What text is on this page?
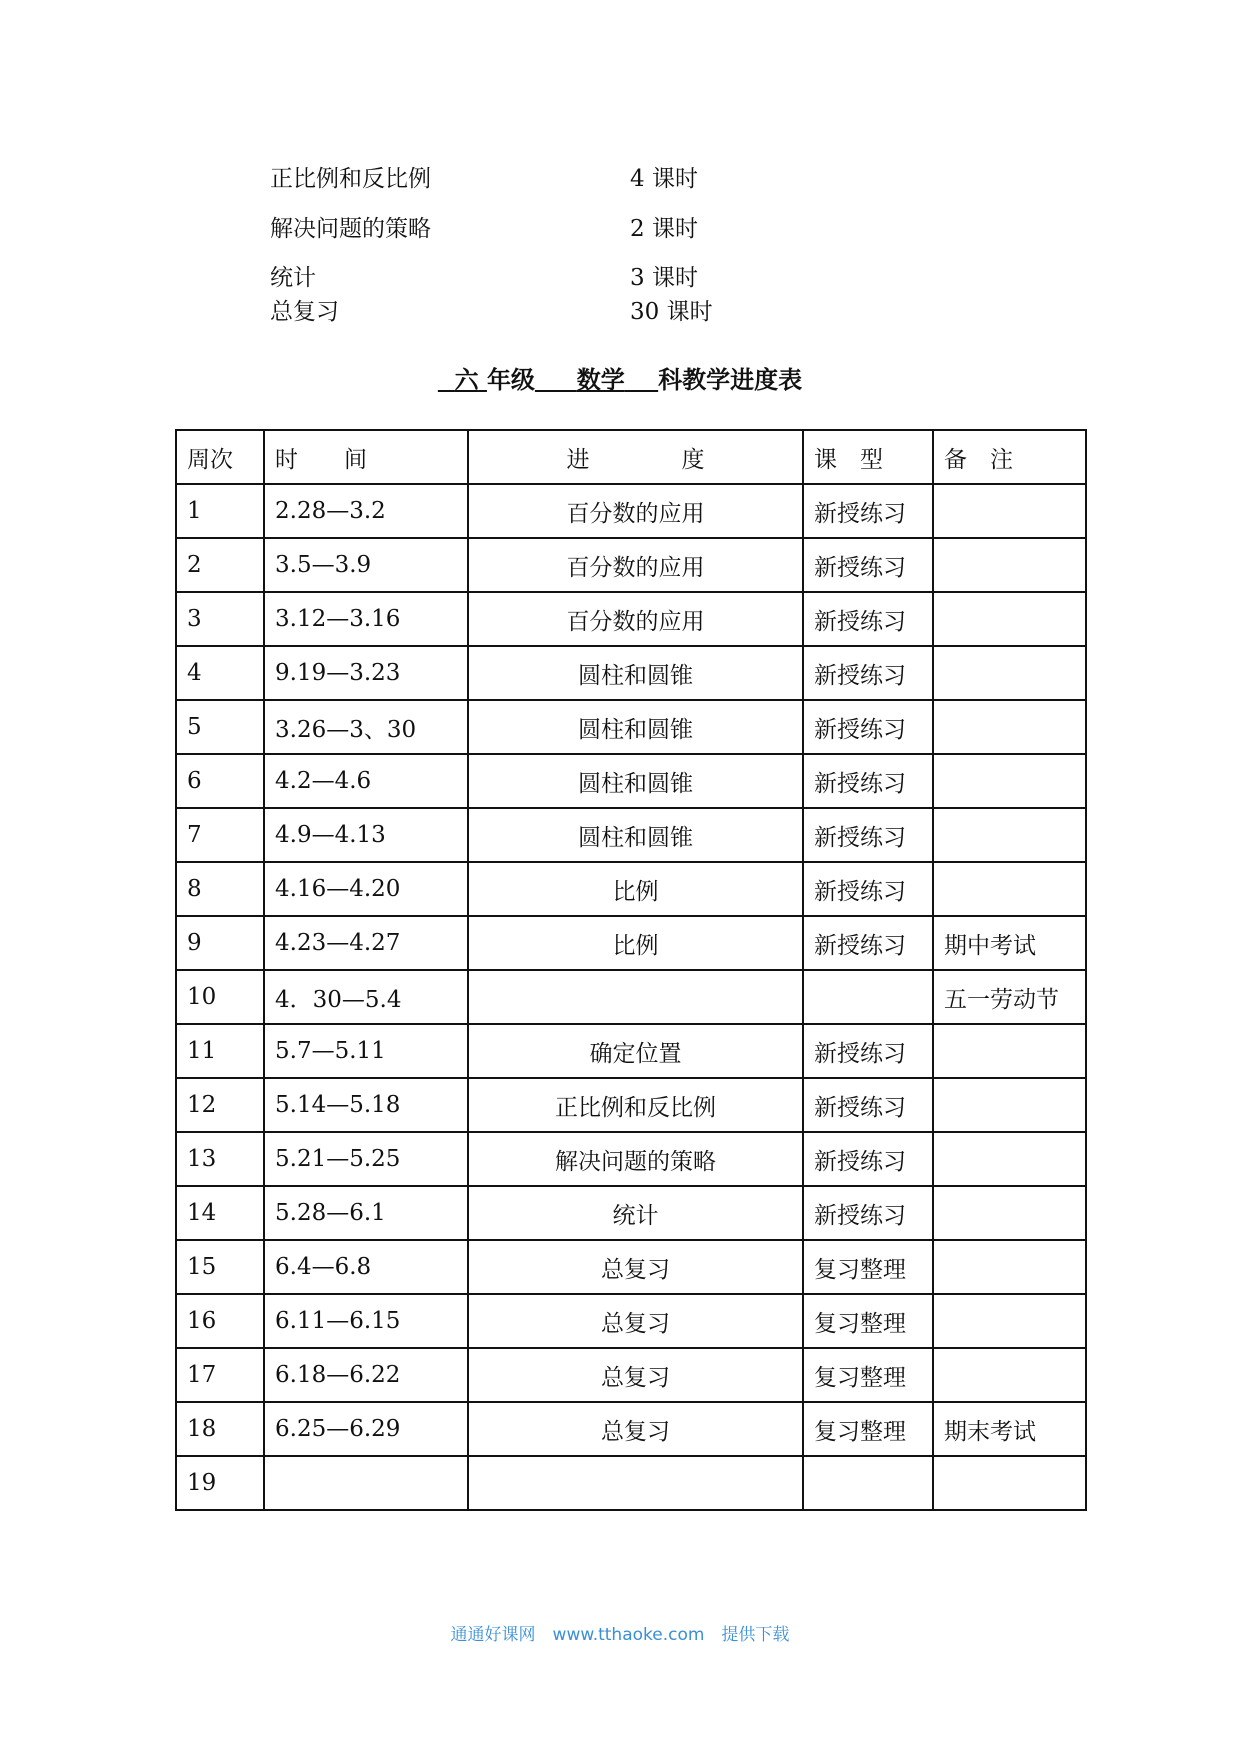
正比例和反比例	4 课时
解决问题的策略	2 课时
统计	3 课时
总复习	30 课时
六 年级 数学 科教学进度表
周次	时　　间	进　　　　度	课　型	备　注
1	2.28—3.2	百分数的应用	新授练习	
2	3.5—3.9	百分数的应用	新授练习	
3	3.12—3.16	百分数的应用	新授练习	
4	9.19—3.23	圆柱和圆锥	新授练习	
5	3.26—3、30	圆柱和圆锥	新授练习	
6	4.2—4.6	圆柱和圆锥	新授练习	
7	4.9—4.13	圆柱和圆锥	新授练习	
8	4.16—4.20	比例	新授练习	
9	4.23—4.27	比例	新授练习	期中考试
10	4．30—5.4			五一劳动节
11	5.7—5.11	确定位置	新授练习	
12	5.14—5.18	正比例和反比例	新授练习	
13	5.21—5.25	解决问题的策略	新授练习	
14	5.28—6.1	统计	新授练习	
15	6.4—6.8	总复习	复习整理	
16	6.11—6.15	总复习	复习整理	
17	6.18—6.22	总复习	复习整理	
18	6.25—6.29	总复习	复习整理	期末考试
19				
通通好课网　www.tthaoke.com　提供下载
